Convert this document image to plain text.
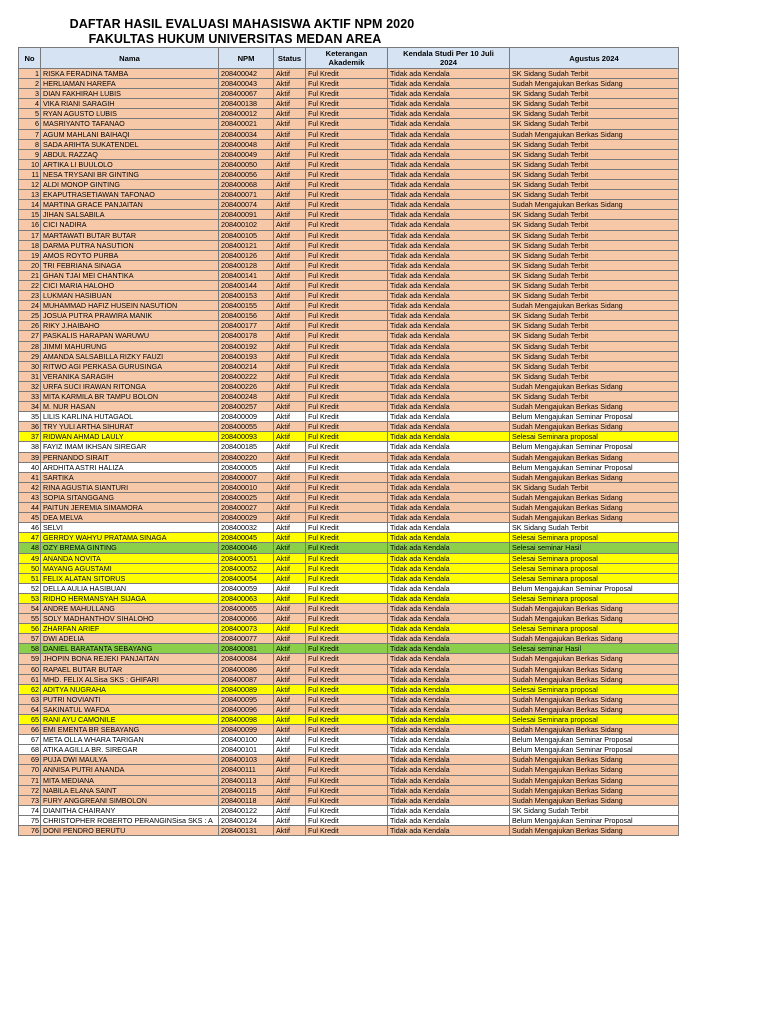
DAFTAR HASIL EVALUASI MAHASISWA AKTIF NPM 2020
FAKULTAS HUKUM UNIVERSITAS MEDAN AREA
No	Nama	NPM	Status	Keterangan Akademik	Kendala Studi Per 10 Juli 2024	Agustus 2024
1	RISKA FERADINA TAMBA	208400042	Aktif	Ful Kredit	Tidak ada Kendala	SK Sidang Sudah Terbit
2	HERLIAMAN HAREFA	208400043	Aktif	Ful Kredit	Tidak ada Kendala	Sudah Mengajukan Berkas Sidang
3	DIAN FAKHIRAH LUBIS	208400067	Aktif	Ful Kredit	Tidak ada Kendala	SK Sidang Sudah Terbit
4	VIKA RIANI SARAGIH	208400138	Aktif	Ful Kredit	Tidak ada Kendala	SK Sidang Sudah Terbit
5	RYAN AGUSTO LUBIS	208400012	Aktif	Ful Kredit	Tidak ada Kendala	SK Sidang Sudah Terbit
6	MASRIYANTO TAFANAO	208400021	Aktif	Ful Kredit	Tidak ada Kendala	SK Sidang Sudah Terbit
7	AGUM MAHLANI BAIHAQI	208400034	Aktif	Ful Kredit	Tidak ada Kendala	Sudah Mengajukan Berkas Sidang
8	SADA ARIHTA SUKATENDEL	208400048	Aktif	Ful Kredit	Tidak ada Kendala	SK Sidang Sudah Terbit
9	ABDUL RAZZAQ	208400049	Aktif	Ful Kredit	Tidak ada Kendala	SK Sidang Sudah Terbit
10	ARTIKA LI BUULOLO	208400050	Aktif	Ful Kredit	Tidak ada Kendala	SK Sidang Sudah Terbit
11	NESA TRYSANI BR GINTING	208400056	Aktif	Ful Kredit	Tidak ada Kendala	SK Sidang Sudah Terbit
12	ALDI MONOP GINTING	208400068	Aktif	Ful Kredit	Tidak ada Kendala	SK Sidang Sudah Terbit
13	EKAPUTRASETIAWAN TAFONAO	208400071	Aktif	Ful Kredit	Tidak ada Kendala	SK Sidang Sudah Terbit
14	MARTINA GRACE PANJAITAN	208400074	Aktif	Ful Kredit	Tidak ada Kendala	Sudah Mengajukan Berkas Sidang
15	JIHAN SALSABILA	208400091	Aktif	Ful Kredit	Tidak ada Kendala	SK Sidang Sudah Terbit
16	CICI NADIRA	208400102	Aktif	Ful Kredit	Tidak ada Kendala	SK Sidang Sudah Terbit
17	MARTAWATI BUTAR BUTAR	208400105	Aktif	Ful Kredit	Tidak ada Kendala	SK Sidang Sudah Terbit
18	DARMA PUTRA NASUTION	208400121	Aktif	Ful Kredit	Tidak ada Kendala	SK Sidang Sudah Terbit
19	AMOS ROYTO PURBA	208400126	Aktif	Ful Kredit	Tidak ada Kendala	SK Sidang Sudah Terbit
20	TRI FEBRIANA SINAGA	208400128	Aktif	Ful Kredit	Tidak ada Kendala	SK Sidang Sudah Terbit
21	GHAN TJAI MEI CHANTIKA	208400141	Aktif	Ful Kredit	Tidak ada Kendala	SK Sidang Sudah Terbit
22	CICI MARIA HALOHO	208400144	Aktif	Ful Kredit	Tidak ada Kendala	SK Sidang Sudah Terbit
23	LUKMAN HASIBUAN	208400153	Aktif	Ful Kredit	Tidak ada Kendala	SK Sidang Sudah Terbit
24	MUHAMMAD HAFIZ HUSEIN NASUTION	208400155	Aktif	Ful Kredit	Tidak ada Kendala	Sudah Mengajukan Berkas Sidang
25	JOSUA PUTRA PRAWIRA MANIK	208400156	Aktif	Ful Kredit	Tidak ada Kendala	SK Sidang Sudah Terbit
26	RIKY J.HAIBAHO	208400177	Aktif	Ful Kredit	Tidak ada Kendala	SK Sidang Sudah Terbit
27	PASKALIS HARAPAN WARUWU	208400178	Aktif	Ful Kredit	Tidak ada Kendala	SK Sidang Sudah Terbit
28	JIMMI MAHURUNG	208400192	Aktif	Ful Kredit	Tidak ada Kendala	SK Sidang Sudah Terbit
29	AMANDA SALSABILLA RIZKY FAUZI	208400193	Aktif	Ful Kredit	Tidak ada Kendala	SK Sidang Sudah Terbit
30	RITWO AGI PERKASA GURUSINGA	208400214	Aktif	Ful Kredit	Tidak ada Kendala	SK Sidang Sudah Terbit
31	VERANIKA SARAGIH	208400222	Aktif	Ful Kredit	Tidak ada Kendala	SK Sidang Sudah Terbit
32	URFA SUCI IRAWAN RITONGA	208400226	Aktif	Ful Kredit	Tidak ada Kendala	Sudah Mengajukan Berkas Sidang
33	MITA KARMILA BR TAMPU BOLON	208400248	Aktif	Ful Kredit	Tidak ada Kendala	SK Sidang Sudah Terbit
34	M. NUR HASAN	208400257	Aktif	Ful Kredit	Tidak ada Kendala	Sudah Mengajukan Berkas Sidang
35	LILIS KARLINA HUTAGAOL	208400009	Aktif	Ful Kredit	Tidak ada Kendala	Belum Mengajukan Seminar Proposal
36	TRY YULI ARTHA SIHURAT	208400055	Aktif	Ful Kredit	Tidak ada Kendala	Sudah Mengajukan Berkas Sidang
37	RIDWAN AHMAD LAULY	208400093	Aktif	Ful Kredit	Tidak ada Kendala	Selesai Seminara proposal
38	FAYIZ IMAM IKHSAN SIREGAR	208400185	Aktif	Ful Kredit	Tidak ada Kendala	Belum Mengajukan Seminar Proposal
39	PERNANDO SIRAIT	208400220	Aktif	Ful Kredit	Tidak ada Kendala	Sudah Mengajukan Berkas Sidang
40	ARDHITA ASTRI HALIZA	208400005	Aktif	Ful Kredit	Tidak ada Kendala	Belum Mengajukan Seminar Proposal
41	SARTIKA	208400007	Aktif	Ful Kredit	Tidak ada Kendala	Sudah Mengajukan Berkas Sidang
42	RINA AGUSTIA SIANTURI	208400010	Aktif	Ful Kredit	Tidak ada Kendala	SK Sidang Sudah Terbit
43	SOPIA SITANGGANG	208400025	Aktif	Ful Kredit	Tidak ada Kendala	Sudah Mengajukan Berkas Sidang
44	PAITUN JEREMIA SIMAMORA	208400027	Aktif	Ful Kredit	Tidak ada Kendala	Sudah Mengajukan Berkas Sidang
45	DEA MELVA	208400029	Aktif	Ful Kredit	Tidak ada Kendala	Sudah Mengajukan Berkas Sidang
46	SELVI	208400032	Aktif	Ful Kredit	Tidak ada Kendala	SK Sidang Sudah Terbit
47	GERRDY WAHYU PRATAMA SINAGA	208400045	Aktif	Ful Kredit	Tidak ada Kendala	Selesai Seminara proposal
48	OZY BREMA GINTING	208400046	Aktif	Ful Kredit	Tidak ada Kendala	Selesai seminar Hasil
49	ANANDA NOVITA	208400051	Aktif	Ful Kredit	Tidak ada Kendala	Selesai Seminara proposal
50	MAYANG AGUSTAMI	208400052	Aktif	Ful Kredit	Tidak ada Kendala	Selesai Seminara proposal
51	FELIX ALATAN SITORUS	208400054	Aktif	Ful Kredit	Tidak ada Kendala	Selesai Seminara proposal
52	DELLA AULIA HASIBUAN	208400059	Aktif	Ful Kredit	Tidak ada Kendala	Belum Mengajukan Seminar Proposal
53	RIDHO HERMANSYAH SIJAGA	208400063	Aktif	Ful Kredit	Tidak ada Kendala	Selesai Seminara proposal
54	ANDRE MAHULLANG	208400065	Aktif	Ful Kredit	Tidak ada Kendala	Sudah Mengajukan Berkas Sidang
55	SOLY MADHANTHOV SIHALOHO	208400066	Aktif	Ful Kredit	Tidak ada Kendala	Sudah Mengajukan Berkas Sidang
56	ZHARFAN ARIEF	208400073	Aktif	Ful Kredit	Tidak ada Kendala	Selesai Seminara proposal
57	DWI ADELIA	208400077	Aktif	Ful Kredit	Tidak ada Kendala	Sudah Mengajukan Berkas Sidang
58	DANIEL BARATANTA SEBAYANG	208400081	Aktif	Ful Kredit	Tidak ada Kendala	Selesai seminar Hasil
59	JHOPIN BONA REJEKI PANJAITAN	208400084	Aktif	Ful Kredit	Tidak ada Kendala	Sudah Mengajukan Berkas Sidang
60	RAPAEL BUTAR BUTAR	208400086	Aktif	Ful Kredit	Tidak ada Kendala	Sudah Mengajukan Berkas Sidang
61	MHD. FELIX ALSisa SKS : GHIFARI	208400087	Aktif	Ful Kredit	Tidak ada Kendala	Sudah Mengajukan Berkas Sidang
62	ADITYA NUGRAHA	208400089	Aktif	Ful Kredit	Tidak ada Kendala	Selesai Seminara proposal
63	PUTRI NOVIANTI	208400095	Aktif	Ful Kredit	Tidak ada Kendala	Sudah Mengajukan Berkas Sidang
64	SAKINATUL WAFDA	208400096	Aktif	Ful Kredit	Tidak ada Kendala	Sudah Mengajukan Berkas Sidang
65	RANI AYU CAMONILE	208400098	Aktif	Ful Kredit	Tidak ada Kendala	Selesai Seminara proposal
66	EMI EMENTA BR SEBAYANG	208400099	Aktif	Ful Kredit	Tidak ada Kendala	Sudah Mengajukan Berkas Sidang
67	META OLLA WHARA TARIGAN	208400100	Aktif	Ful Kredit	Tidak ada Kendala	Belum Mengajukan Seminar Proposal
68	ATIKA AGILLA BR. SIREGAR	208400101	Aktif	Ful Kredit	Tidak ada Kendala	Belum Mengajukan Seminar Proposal
69	PUJA DWI MAULYA	208400103	Aktif	Ful Kredit	Tidak ada Kendala	Sudah Mengajukan Berkas Sidang
70	ANNISA PUTRI ANANDA	208400111	Aktif	Ful Kredit	Tidak ada Kendala	Sudah Mengajukan Berkas Sidang
71	MITA MEDIANA	208400113	Aktif	Ful Kredit	Tidak ada Kendala	Sudah Mengajukan Berkas Sidang
72	NABILA ELANA SAINT	208400115	Aktif	Ful Kredit	Tidak ada Kendala	Sudah Mengajukan Berkas Sidang
73	FURY ANGGREANI SIMBOLON	208400118	Aktif	Ful Kredit	Tidak ada Kendala	Sudah Mengajukan Berkas Sidang
74	DIANITHA CHAIRANY	208400122	Aktif	Ful Kredit	Tidak ada Kendala	SK Sidang Sudah Terbit
75	CHRISTOPHER ROBERTO PERANGINSisa SKS : A	208400124	Aktif	Ful Kredit	Tidak ada Kendala	Belum Mengajukan Seminar Proposal
76	DONI PENDRO BERUTU	208400131	Aktif	Ful Kredit	Tidak ada Kendala	Sudah Mengajukan Berkas Sidang
